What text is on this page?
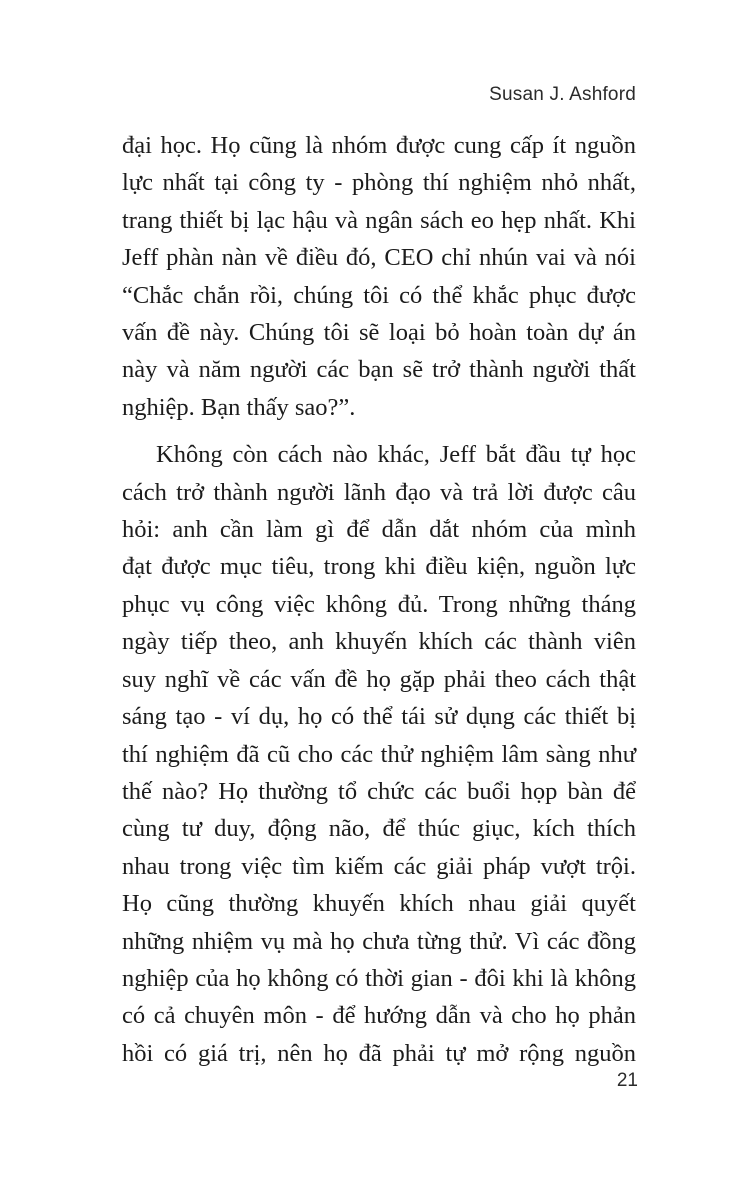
Susan J. Ashford

đại học. Họ cũng là nhóm được cung cấp ít nguồn
lực nhất tại công ty - phòng thí nghiệm nhỏ nhất,
trang thiết bị lạc hậu và ngân sách eo hẹp nhất. Khi
Jeff phàn nàn về điều đó, CEO chỉ nhún vai và nói
“Chắc chắn rồi, chúng tôi có thể khắc phục được
vấn đề này. Chúng tôi sẽ loại bỏ hoàn toàn dự án
này và năm người các bạn sẽ trở thành người thất
nghiệp. Bạn thấy sao?”.

Không còn cách nào khác, Jeff bắt đầu tự học
cách trở thành người lãnh đạo và trả lời được câu
hỏi: anh cần làm gì để dẫn dắt nhóm của mình
đạt được mục tiêu, trong khi điều kiện, nguồn lực
phục vụ công việc không đủ. Trong những tháng
ngày tiếp theo, anh khuyến khích các thành viên
suy nghĩ về các vấn đề họ gặp phải theo cách thật
sáng tạo - ví dụ, họ có thể tái sử dụng các thiết bị
thí nghiệm đã cũ cho các thử nghiệm lâm sàng như
thế nào? Họ thường tổ chức các buổi họp bàn để
cùng tư duy, động não, để thúc giục, kích thích
nhau trong việc tìm kiếm các giải pháp vượt trội.
Họ cũng thường khuyến khích nhau giải quyết
những nhiệm vụ mà họ chưa từng thử. Vì các đồng
nghiệp của họ không có thời gian - đôi khi là không
có cả chuyên môn - để hướng dẫn và cho họ phản
hồi có giá trị, nên họ đã phải tự mở rộng nguồn

21
